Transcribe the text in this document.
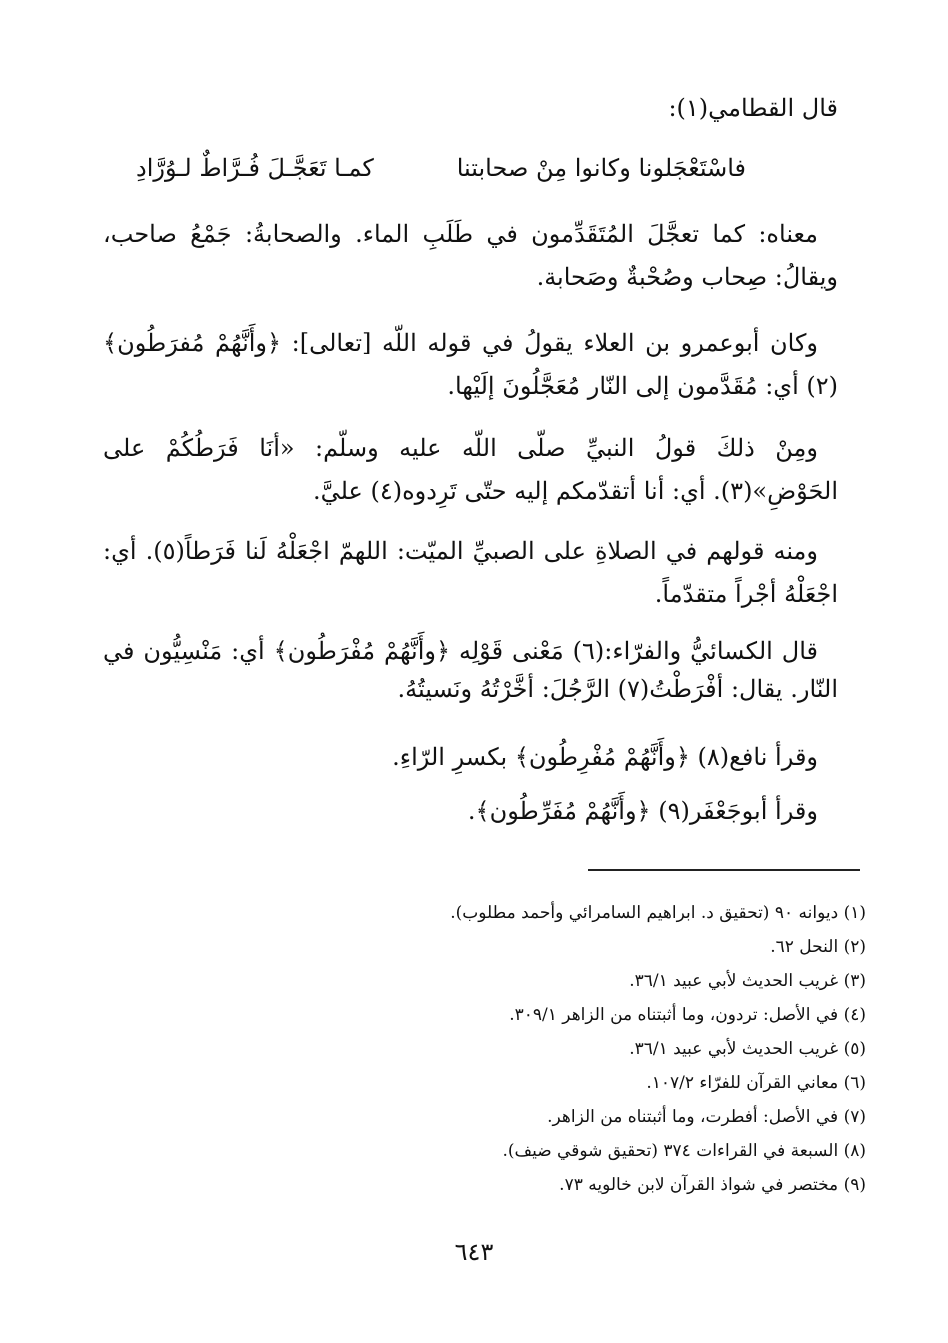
قال القطامي(١):
فاسْتَعْجَلونا وكانوا مِنْ صحابتنا
كمـا تَعَجَّـلَ فُـرَّاطٌ لـوُرَّادِ
معناه: كما تعجَّلَ المُتَقَدِّمون في طَلَبِ الماء. والصحابةُ: جَمْعُ صاحب، ويقالُ: صِحاب وصُحْبةٌ وصَحابة.
وكان أبوعمرو بن العلاء يقولُ في قوله اللّه [تعالى]: ﴿وأَنَّهُمْ مُفرَطُون﴾(٢) أي: مُقَدَّمون إلى النّار مُعَجَّلُونَ إلَيْها.
ومِنْ ذلكَ قولُ النبيِّ صلّى اللّه عليه وسلّم: «أنَا فَرَطُكُمْ على الحَوْضِ»(٣). أي: أنا أتقدّمكم إليه حتّى تَرِدوه(٤) عليَّ.
ومنه قولهم في الصلاةِ على الصبيِّ الميّت: اللهمّ اجْعَلْهُ لَنا فَرَطاً(٥). أي: اجْعَلْهُ أجْراً متقدّماً.
قال الكسائيُّ والفرّاء:(٦) مَعْنى قَوْلِه ﴿وأَنَّهُمْ مُفْرَطُون﴾ أي: مَنْسِيُّون في النّار. يقال: أفْرَطْتُ(٧) الرَّجُلَ: أخَّرْتُهُ ونَسيتُهُ.
وقرأ نافع(٨) ﴿وأَنَّهُمْ مُفْرِطُون﴾ بكسرِ الرّاءِ.
وقرأ أبوجَعْفَر(٩) ﴿وأَنَّهُمْ مُفَرِّطُون﴾.
(١) ديوانه ٩٠ (تحقيق د. ابراهيم السامرائي وأحمد مطلوب).
(٢) النحل ٦٢.
(٣) غريب الحديث لأبي عبيد ٣٦/١.
(٤) في الأصل: تردون، وما أثبتناه من الزاهر ٣٠٩/١.
(٥) غريب الحديث لأبي عبيد ٣٦/١.
(٦) معاني القرآن للفرّاء ١٠٧/٢.
(٧) في الأصل: أفطرت، وما أثبتناه من الزاهر.
(٨) السبعة في القراءات ٣٧٤ (تحقيق شوقي ضيف).
(٩) مختصر في شواذ القرآن لابن خالويه ٧٣.
٦٤٣
